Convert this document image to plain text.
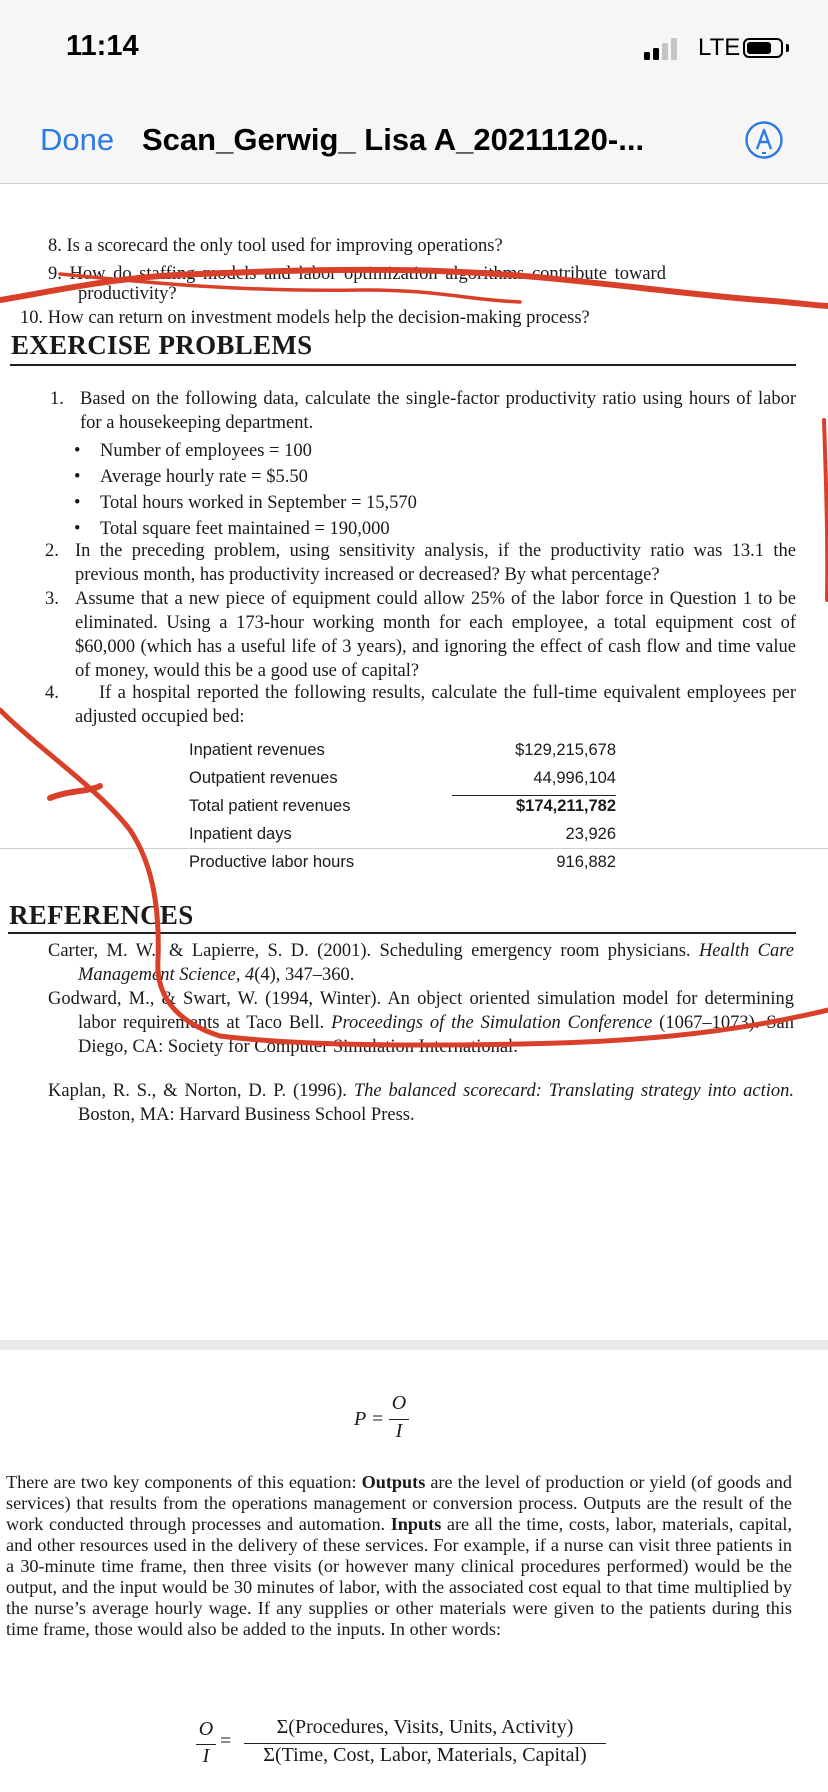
11:14	LTE
Done Scan_Gerwig_ Lisa A_20211120-...
8. Is a scorecard the only tool used for improving operations?
9. How do staffing models and labor optimization algorithms contribute toward
productivity?
10. How can return on investment models help the decision-making process?
EXERCISE PROBLEMS
1. Based on the following data, calculate the single-factor productivity ratio using hours of labor for a housekeeping department.
• Number of employees = 100
• Average hourly rate = $5.50
• Total hours worked in September = 15,570
• Total square feet maintained = 190,000
2. In the preceding problem, using sensitivity analysis, if the productivity ratio was 13.1 the previous month, has productivity increased or decreased? By what percentage?
3. Assume that a new piece of equipment could allow 25% of the labor force in Question 1 to be eliminated. Using a 173-hour working month for each employee, a total equipment cost of $60,000 (which has a useful life of 3 years), and ignoring the effect of cash flow and time value of money, would this be a good use of capital?
4. If a hospital reported the following results, calculate the full-time equivalent employees per adjusted occupied bed:
Inpatient revenues	$129,215,678
Outpatient revenues	44,996,104
Total patient revenues	$174,211,782
Inpatient days	23,926
Productive labor hours	916,882
REFERENCES
Carter, M. W., & Lapierre, S. D. (2001). Scheduling emergency room physicians. Health Care Management Science, 4(4), 347–360.
Godward, M., & Swart, W. (1994, Winter). An object oriented simulation model for determining labor requirements at Taco Bell. Proceedings of the Simulation Conference (1067–1073). San Diego, CA: Society for Computer Simulation International.
Kaplan, R. S., & Norton, D. P. (1996). The balanced scorecard: Translating strategy into action. Boston, MA: Harvard Business School Press.
P =
O
I
There are two key components of this equation: Outputs are the level of production or yield (of goods and services) that results from the operations management or conversion process. Outputs are the result of the work conducted through processes and automation. Inputs are all the time, costs, labor, materials, capital, and other resources used in the delivery of these services. For example, if a nurse can visit three patients in a 30-minute time frame, then three visits (or however many clinical procedures performed) would be the output, and the input would be 30 minutes of labor, with the associated cost equal to that time multiplied by the nurse’s average hourly wage. If any supplies or other materials were given to the patients during this time frame, those would also be added to the inputs. In other words:
O
I
=
Σ(Procedures, Visits, Units, Activity)
Σ(Time, Cost, Labor, Materials, Capital)
